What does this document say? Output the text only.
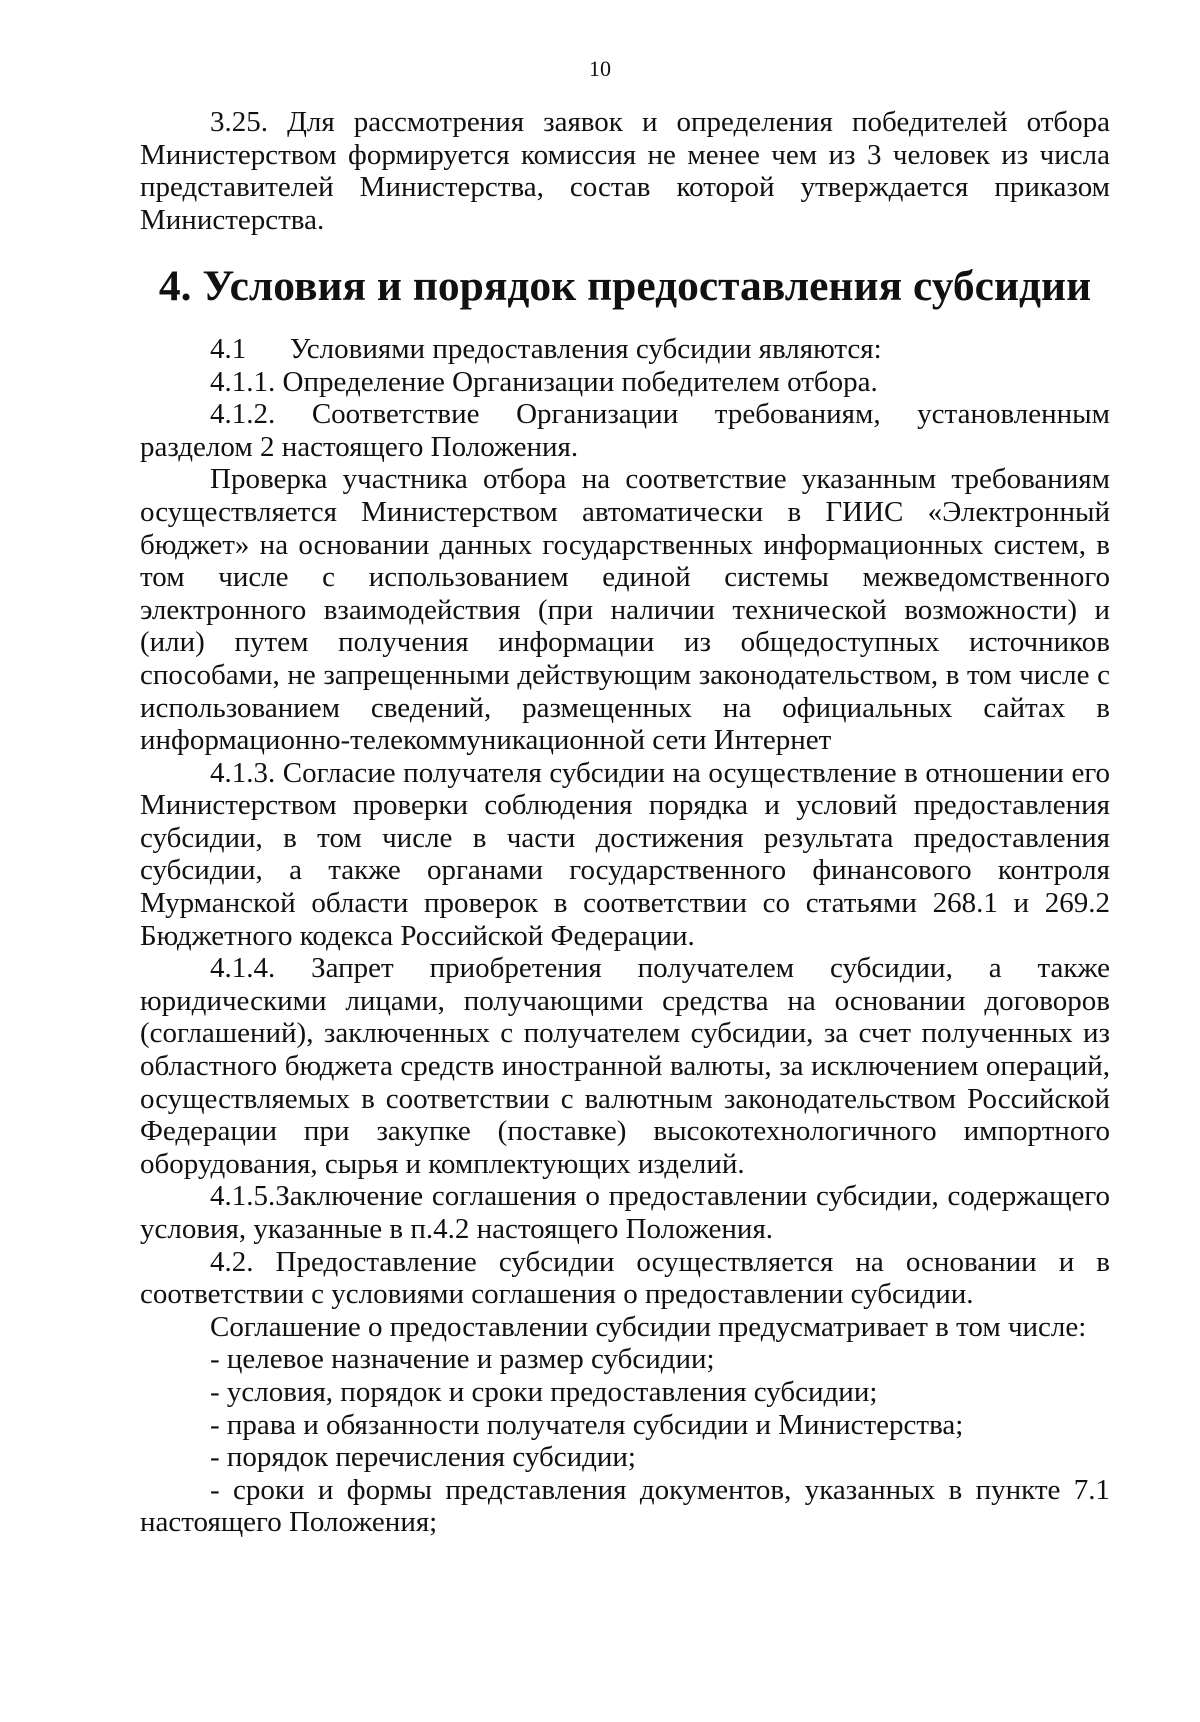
10

3.25. Для рассмотрения заявок и определения победителей отбора Министерством формируется комиссия не менее чем из 3 человек из числа представителей Министерства, состав которой утверждается приказом Министерства.

4. Условия и порядок предоставления субсидии

4.1  Условиями предоставления субсидии являются:

4.1.1. Определение Организации победителем отбора.

4.1.2. Соответствие Организации требованиям, установленным разделом 2 настоящего Положения.

Проверка участника отбора на соответствие указанным требованиям осуществляется Министерством автоматически в ГИИС «Электронный бюджет» на основании данных государственных информационных систем, в том числе с использованием единой системы межведомственного электронного взаимодействия (при наличии технической возможности) и (или) путем получения информации из общедоступных источников способами, не запрещенными действующим законодательством, в том числе с использованием сведений, размещенных на официальных сайтах в информационно-телекоммуникационной сети Интернет

4.1.3. Согласие получателя субсидии на осуществление в отношении его Министерством проверки соблюдения порядка и условий предоставления субсидии, в том числе в части достижения результата предоставления субсидии, а также органами государственного финансового контроля Мурманской области проверок в соответствии со статьями 268.1 и 269.2 Бюджетного кодекса Российской Федерации.

4.1.4. Запрет приобретения получателем субсидии, а также юридическими лицами, получающими средства на основании договоров (соглашений), заключенных с получателем субсидии, за счет полученных из областного бюджета средств иностранной валюты, за исключением операций, осуществляемых в соответствии с валютным законодательством Российской Федерации при закупке (поставке) высокотехнологичного импортного оборудования, сырья и комплектующих изделий.

4.1.5.Заключение соглашения о предоставлении субсидии, содержащего условия, указанные в п.4.2 настоящего Положения.

4.2. Предоставление субсидии осуществляется на основании и в соответствии с условиями соглашения о предоставлении субсидии.

Соглашение о предоставлении субсидии предусматривает в том числе:

- целевое назначение и размер субсидии;

- условия, порядок и сроки предоставления субсидии;

- права и обязанности получателя субсидии и Министерства;

- порядок перечисления субсидии;

- сроки и формы представления документов, указанных в пункте 7.1 настоящего Положения;
